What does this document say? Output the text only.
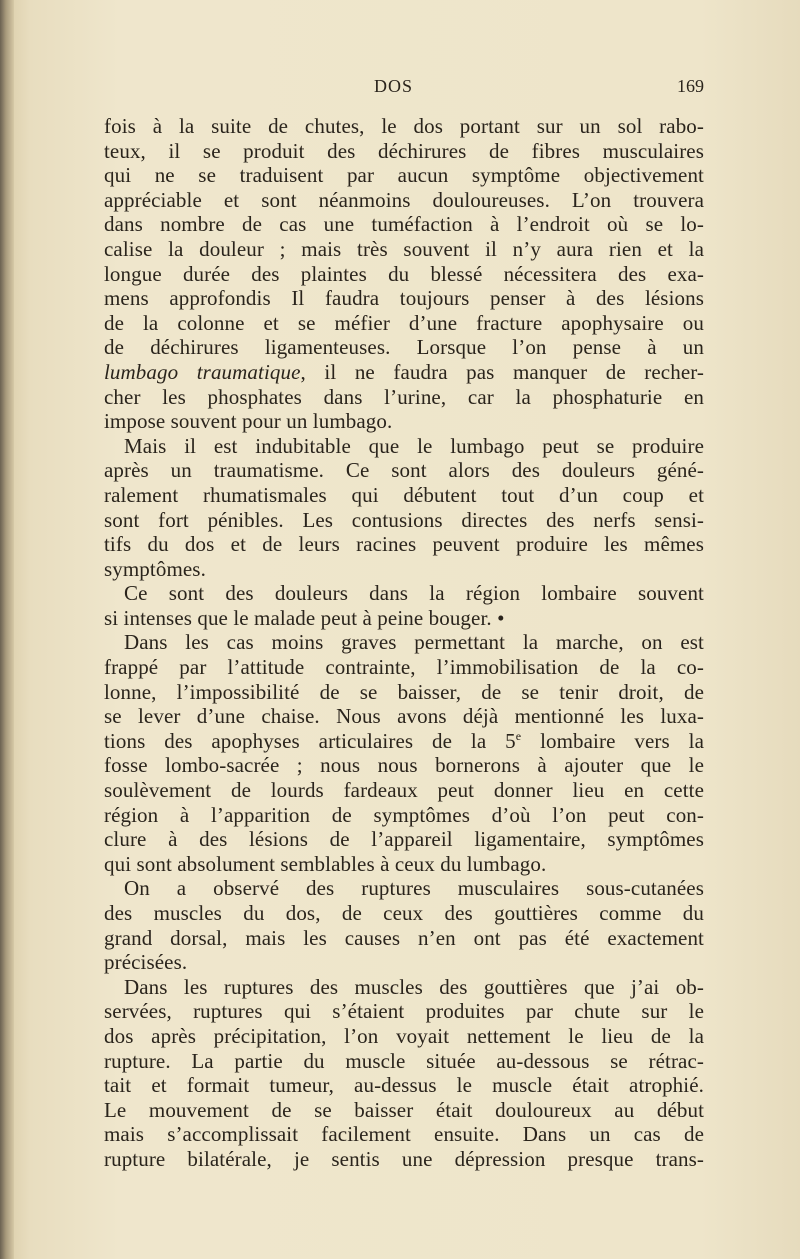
DOS	169
fois à la suite de chutes, le dos portant sur un sol rabo-
teux, il se produit des déchirures de fibres musculaires
qui ne se traduisent par aucun symptôme objectivement
appréciable et sont néanmoins douloureuses. L’on trouvera
dans nombre de cas une tuméfaction à l’endroit où se lo-
calise la douleur ; mais très souvent il n’y aura rien et la
longue durée des plaintes du blessé nécessitera des exa-
mens approfondis Il faudra toujours penser à des lésions
de la colonne et se méfier d’une fracture apophysaire ou
de déchirures ligamenteuses. Lorsque l’on pense à un
lumbago traumatique, il ne faudra pas manquer de recher-
cher les phosphates dans l’urine, car la phosphaturie en
impose souvent pour un lumbago.
Mais il est indubitable que le lumbago peut se produire
après un traumatisme. Ce sont alors des douleurs géné-
ralement rhumatismales qui débutent tout d’un coup et
sont fort pénibles. Les contusions directes des nerfs sensi-
tifs du dos et de leurs racines peuvent produire les mêmes
symptômes.
Ce sont des douleurs dans la région lombaire souvent
si intenses que le malade peut à peine bouger. •
Dans les cas moins graves permettant la marche, on est
frappé par l’attitude contrainte, l’immobilisation de la co-
lonne, l’impossibilité de se baisser, de se tenir droit, de
se lever d’une chaise. Nous avons déjà mentionné les luxa-
tions des apophyses articulaires de la 5e lombaire vers la
fosse lombo-sacrée ; nous nous bornerons à ajouter que le
soulèvement de lourds fardeaux peut donner lieu en cette
région à l’apparition de symptômes d’où l’on peut con-
clure à des lésions de l’appareil ligamentaire, symptômes
qui sont absolument semblables à ceux du lumbago.
On a observé des ruptures musculaires sous-cutanées
des muscles du dos, de ceux des gouttières comme du
grand dorsal, mais les causes n’en ont pas été exactement
précisées.
Dans les ruptures des muscles des gouttières que j’ai ob-
servées, ruptures qui s’étaient produites par chute sur le
dos après précipitation, l’on voyait nettement le lieu de la
rupture. La partie du muscle située au-dessous se rétrac-
tait et formait tumeur, au-dessus le muscle était atrophié.
Le mouvement de se baisser était douloureux au début
mais s’accomplissait facilement ensuite. Dans un cas de
rupture bilatérale, je sentis une dépression presque trans-
